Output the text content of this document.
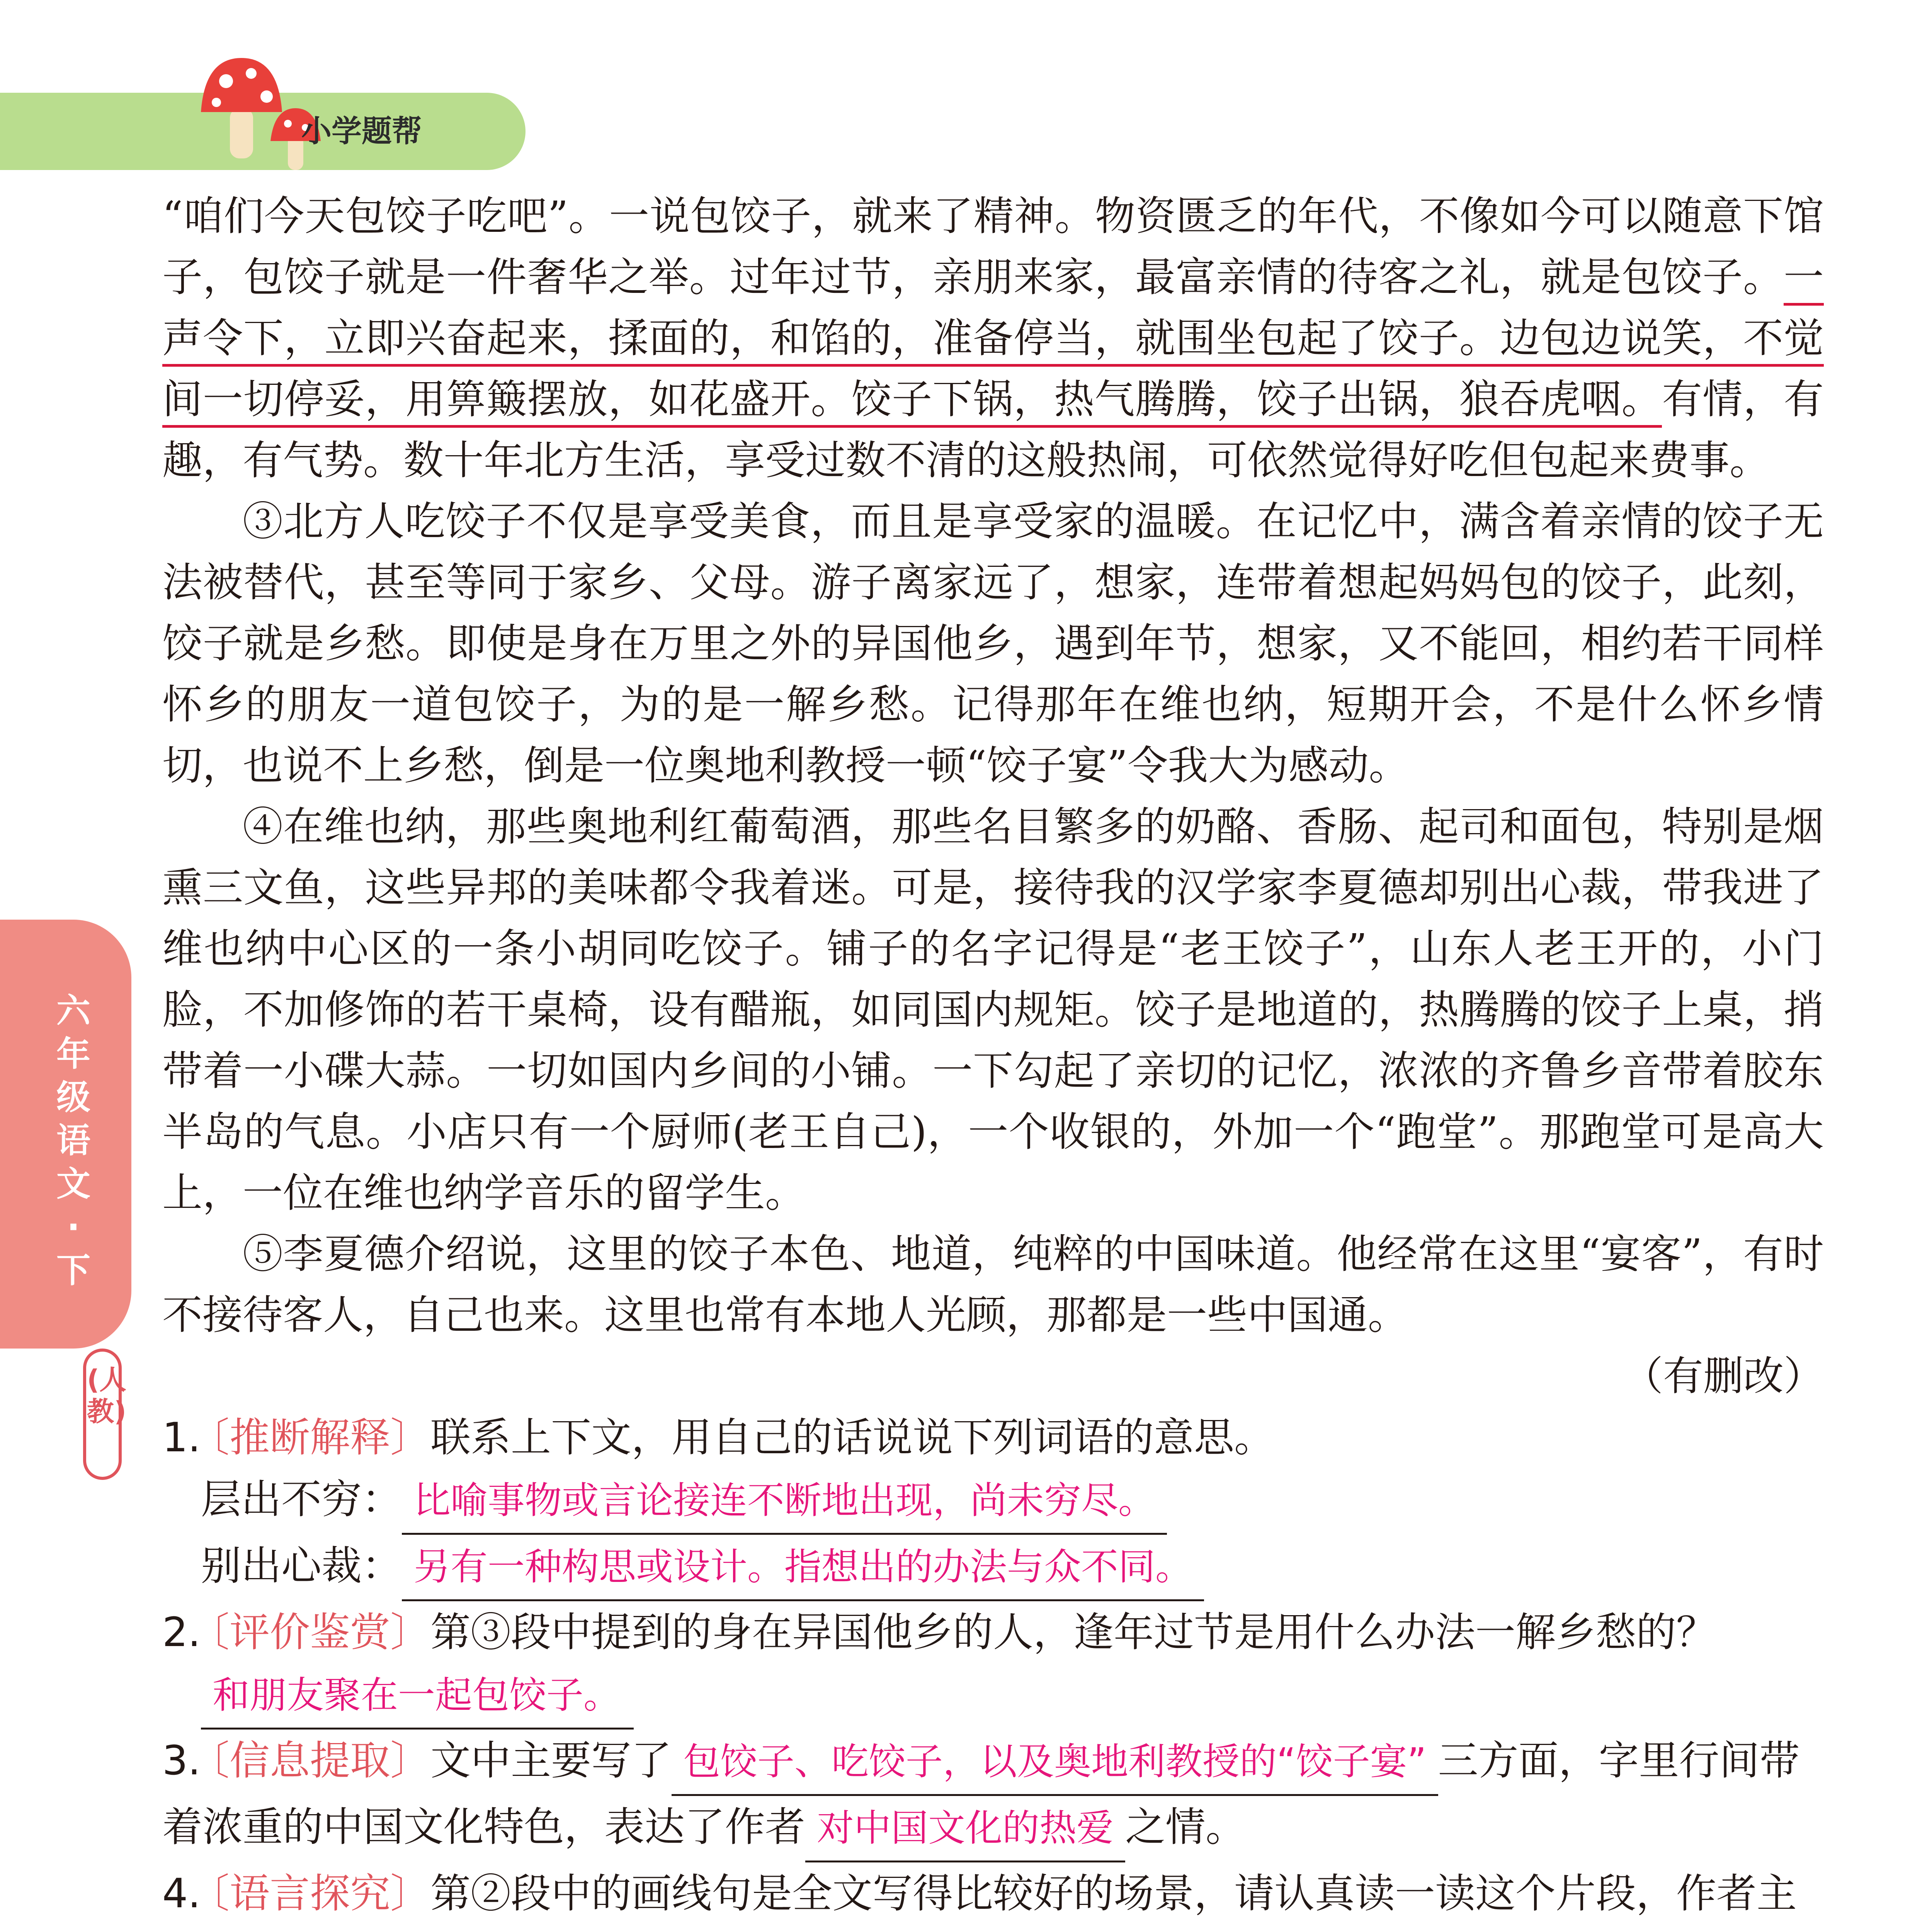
小学题帮
六
年
级
语
文
·
下
(人
教)

“咱们今天包饺子吃吧”。一说包饺子，就来了精神。物资匮乏的年代，不像如今可以随意下馆子，包饺子就是一件奢华之举。过年过节，亲朋来家，最富亲情的待客之礼，就是包饺子。一声令下，立即兴奋起来，揉面的，和馅的，准备停当，就围坐包起了饺子。边包边说笑，不觉间一切停妥，用箅簸摆放，如花盛开。饺子下锅，热气腾腾，饺子出锅，狼吞虎咽。有情，有趣，有气势。数十年北方生活，享受过数不清的这般热闹，可依然觉得好吃但包起来费事。

③北方人吃饺子不仅是享受美食，而且是享受家的温暖。在记忆中，满含着亲情的饺子无法被替代，甚至等同于家乡、父母。游子离家远了，想家，连带着想起妈妈包的饺子，此刻，饺子就是乡愁。即使是身在万里之外的异国他乡，遇到年节，想家，又不能回，相约若干同样怀乡的朋友一道包饺子，为的是一解乡愁。记得那年在维也纳，短期开会，不是什么怀乡情切，也说不上乡愁，倒是一位奥地利教授一顿“饺子宴”令我大为感动。

④在维也纳，那些奥地利红葡萄酒，那些名目繁多的奶酪、香肠、起司和面包，特别是烟熏三文鱼，这些异邦的美味都令我着迷。可是，接待我的汉学家李夏德却别出心裁，带我进了维也纳中心区的一条小胡同吃饺子。铺子的名字记得是“老王饺子”，山东人老王开的，小门脸，不加修饰的若干桌椅，设有醋瓶，如同国内规矩。饺子是地道的，热腾腾的饺子上桌，捎带着一小碟大蒜。一切如国内乡间的小铺。一下勾起了亲切的记忆，浓浓的齐鲁乡音带着胶东半岛的气息。小店只有一个厨师(老王自己)，一个收银的，外加一个“跑堂”。那跑堂可是高大上，一位在维也纳学音乐的留学生。

⑤李夏德介绍说，这里的饺子本色、地道，纯粹的中国味道。他经常在这里“宴客”，有时不接待客人，自己也来。这里也常有本地人光顾，那都是一些中国通。

（有删改）

1.〔推断解释〕联系上下文，用自己的话说说下列词语的意思。
层出不穷： 比喻事物或言论接连不断地出现，尚未穷尽。
别出心裁： 另有一种构思或设计。指想出的办法与众不同。
2.〔评价鉴赏〕第③段中提到的身在异国他乡的人，逢年过节是用什么办法一解乡愁的？
和朋友聚在一起包饺子。
3.〔信息提取〕文中主要写了 包饺子、吃饺子，以及奥地利教授的“饺子宴” 三方面，字里行间带着浓重的中国文化特色，表达了作者 对中国文化的热爱 之情。
4.〔语言探究〕第②段中的画线句是全文写得比较好的场景，请认真读一读这个片段，作者主
